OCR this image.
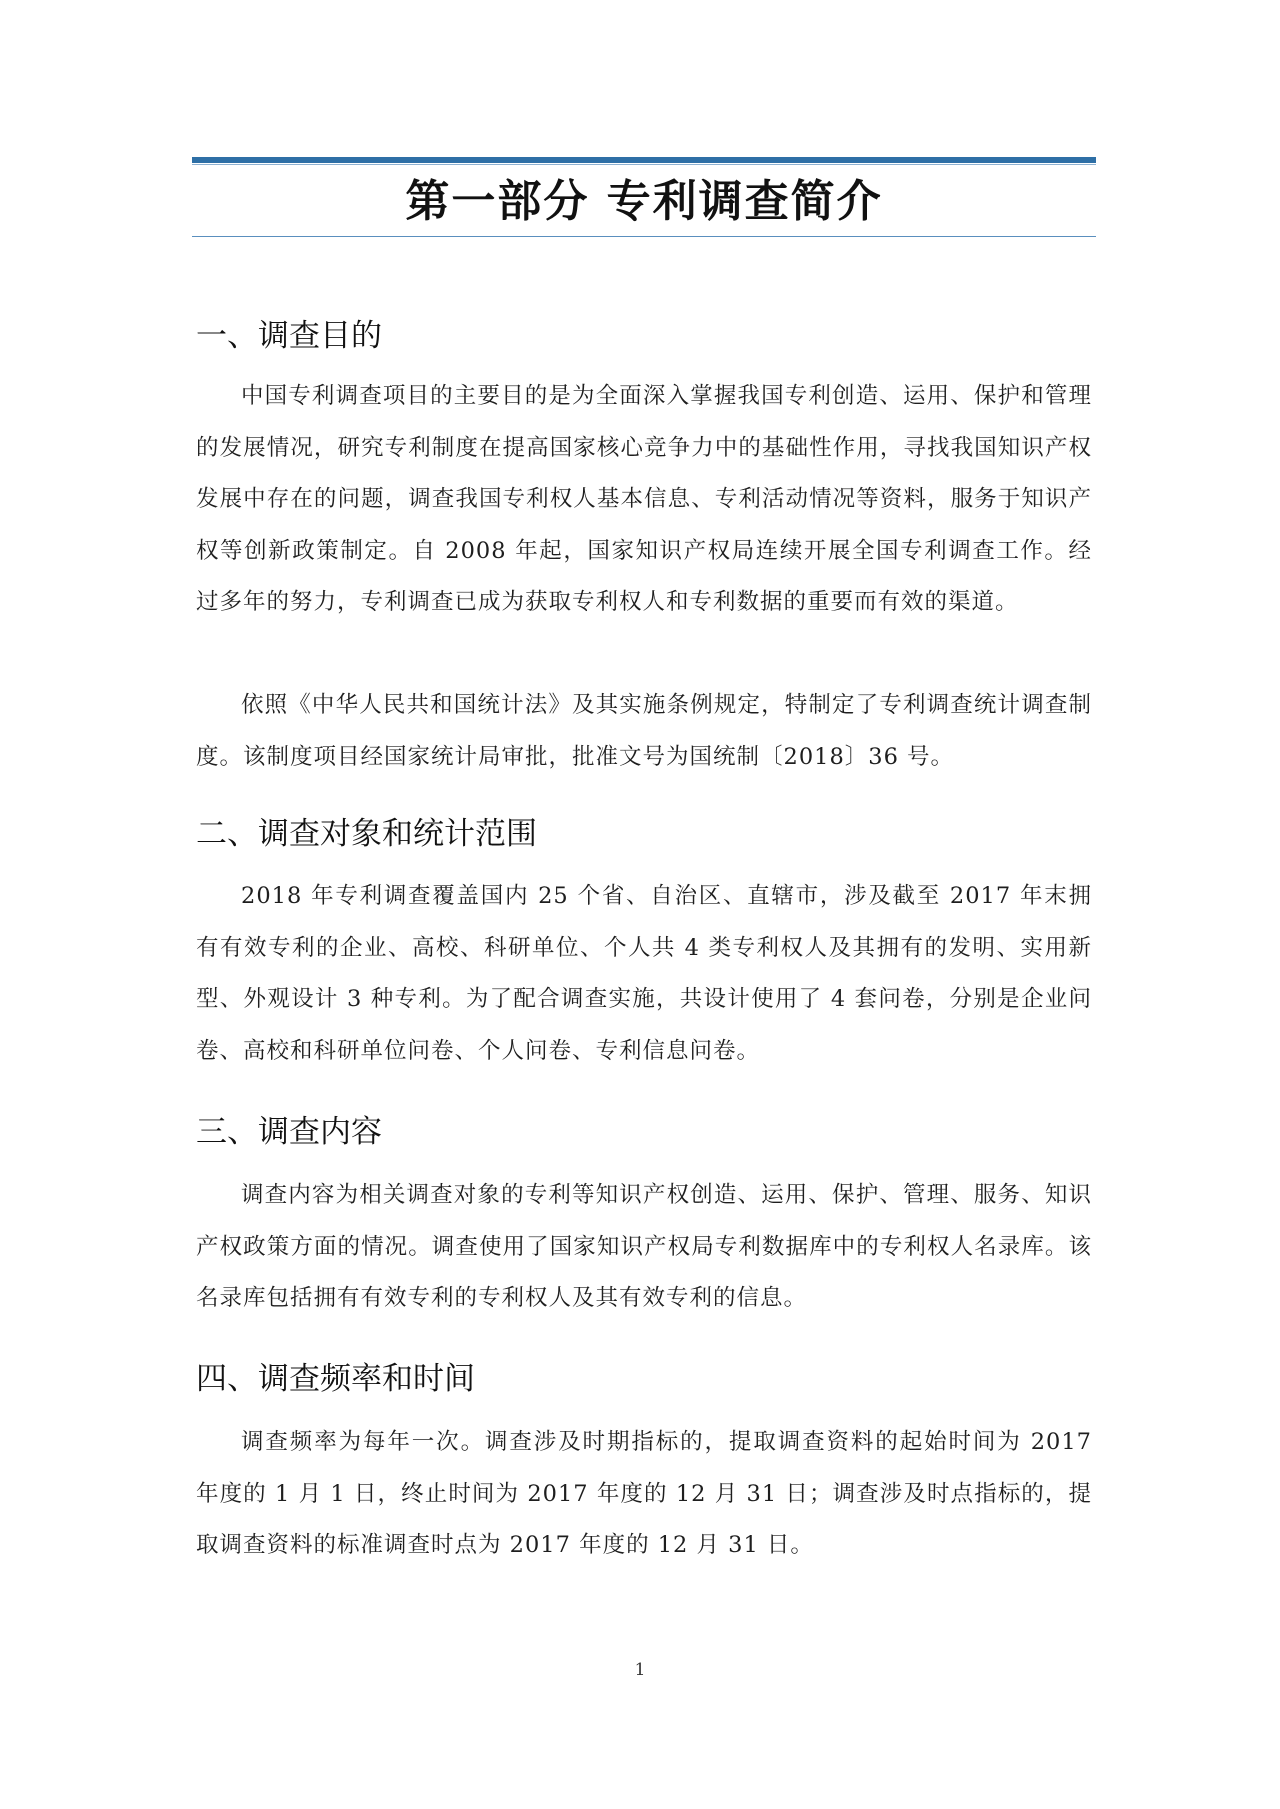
第一部分 专利调查简介
一、调查目的

中国专利调查项目的主要目的是为全面深入掌握我国专利创造、运用、保护和管理的发展情况，研究专利制度在提高国家核心竞争力中的基础性作用，寻找我国知识产权发展中存在的问题，调查我国专利权人基本信息、专利活动情况等资料，服务于知识产权等创新政策制定。自 2008 年起，国家知识产权局连续开展全国专利调查工作。经过多年的努力，专利调查已成为获取专利权人和专利数据的重要而有效的渠道。

依照《中华人民共和国统计法》及其实施条例规定，特制定了专利调查统计调查制度。该制度项目经国家统计局审批，批准文号为国统制〔2018〕36 号。

二、调查对象和统计范围

2018 年专利调查覆盖国内 25 个省、自治区、直辖市，涉及截至 2017 年末拥有有效专利的企业、高校、科研单位、个人共 4 类专利权人及其拥有的发明、实用新型、外观设计 3 种专利。为了配合调查实施，共设计使用了 4 套问卷，分别是企业问卷、高校和科研单位问卷、个人问卷、专利信息问卷。

三、调查内容

调查内容为相关调查对象的专利等知识产权创造、运用、保护、管理、服务、知识产权政策方面的情况。调查使用了国家知识产权局专利数据库中的专利权人名录库。该名录库包括拥有有效专利的专利权人及其有效专利的信息。

四、调查频率和时间

调查频率为每年一次。调查涉及时期指标的，提取调查资料的起始时间为 2017 年度的 1 月 1 日，终止时间为 2017 年度的 12 月 31 日；调查涉及时点指标的，提取调查资料的标准调查时点为 2017 年度的 12 月 31 日。

1
